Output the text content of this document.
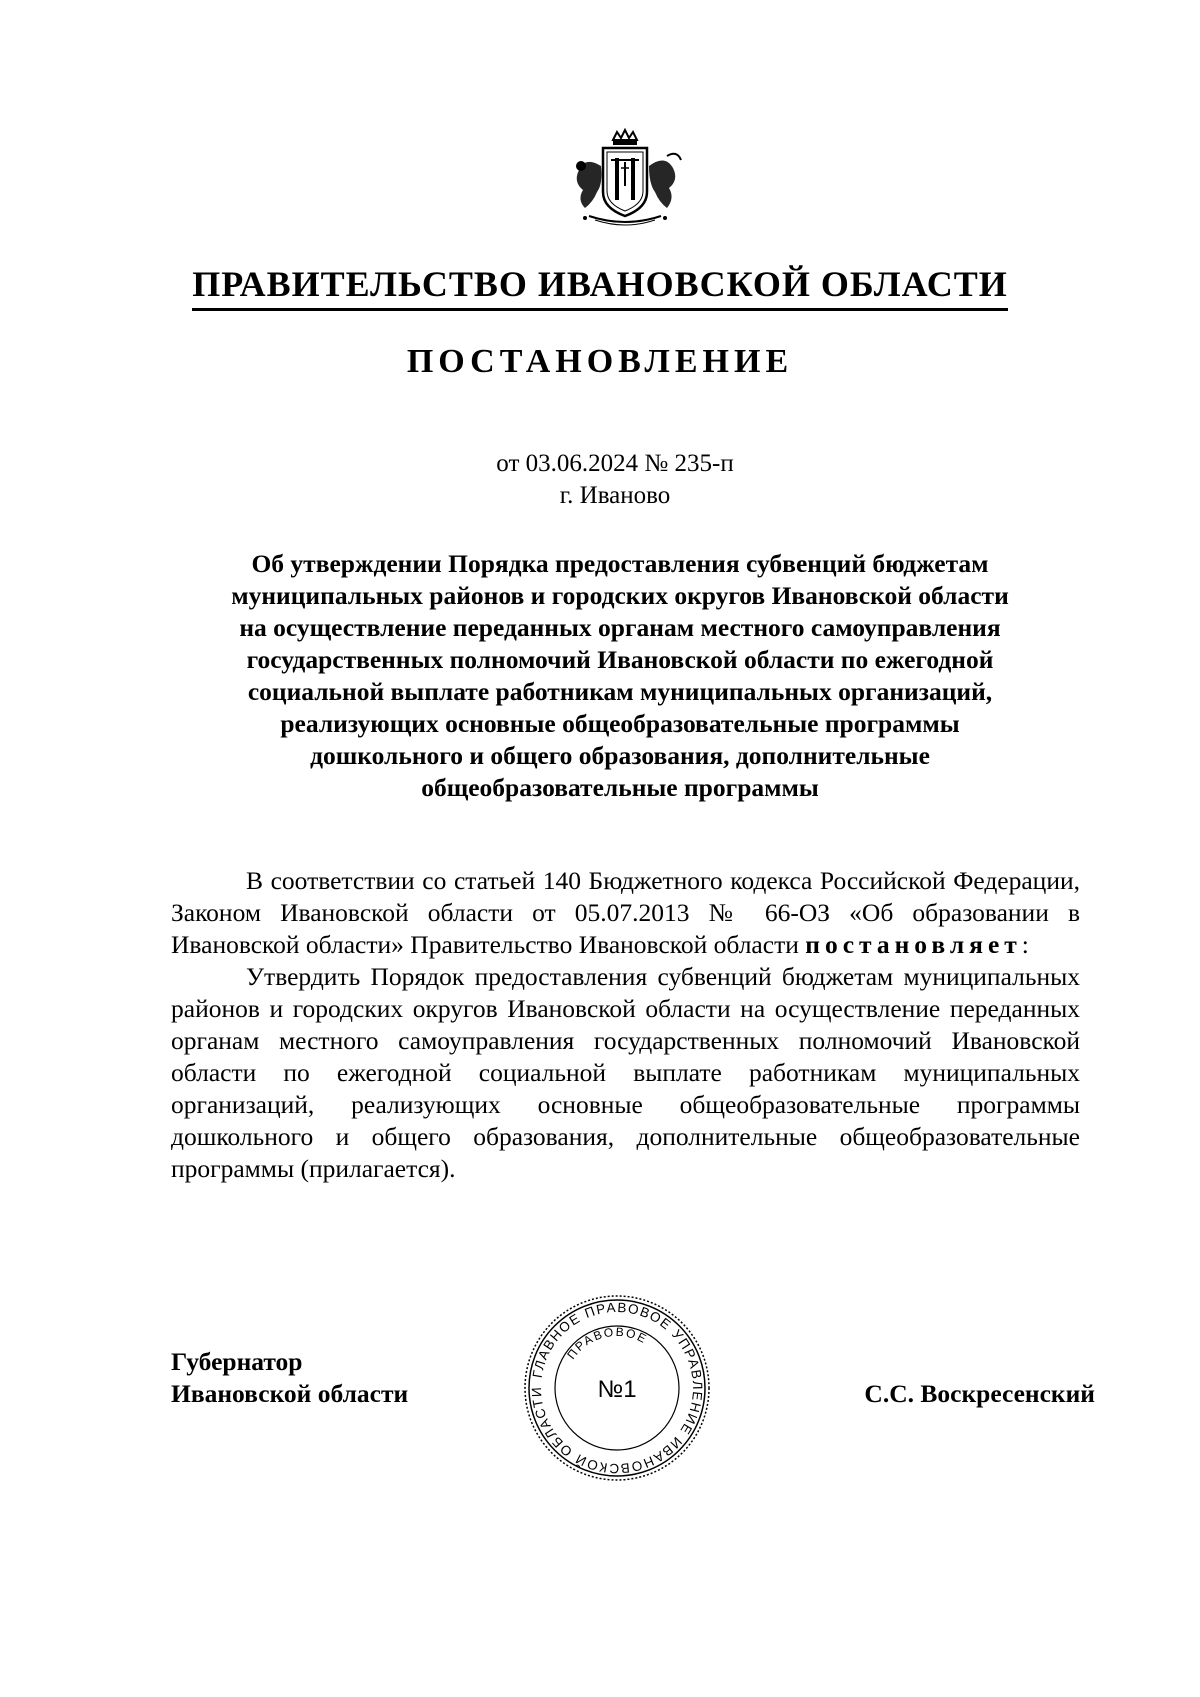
ПРАВИТЕЛЬСТВО ИВАНОВСКОЙ ОБЛАСТИ
ПОСТАНОВЛЕНИЕ
от 03.06.2024 № 235-п
г. Иваново
Об утверждении Порядка предоставления субвенций бюджетам
муниципальных районов и городских округов Ивановской области
на осуществление переданных органам местного самоуправления
государственных полномочий Ивановской области по ежегодной
социальной выплате работникам муниципальных организаций,
реализующих основные общеобразовательные программы
дошкольного и общего образования, дополнительные
общеобразовательные программы

В соответствии со статьей 140 Бюджетного кодекса Российской Федерации, Законом Ивановской области от 05.07.2013 № 66-ОЗ «Об образовании в Ивановской области» Правительство Ивановской области постановляет:

Утвердить Порядок предоставления субвенций бюджетам муниципальных районов и городских округов Ивановской области на осуществление переданных органам местного самоуправления государственных полномочий Ивановской области по ежегодной социальной выплате работникам муниципальных организаций, реализующих основные общеобразовательные программы дошкольного и общего образования, дополнительные общеобразовательные программы (прилагается).

Губернатор
Ивановской области	С.С. Воскресенский
ГЛАВНОЕ ПРАВОВОЕ УПРАВЛЕНИЕ ИВАНОВСКОЙ ОБЛАСТИ
ПРАВОВОЕ
№1
